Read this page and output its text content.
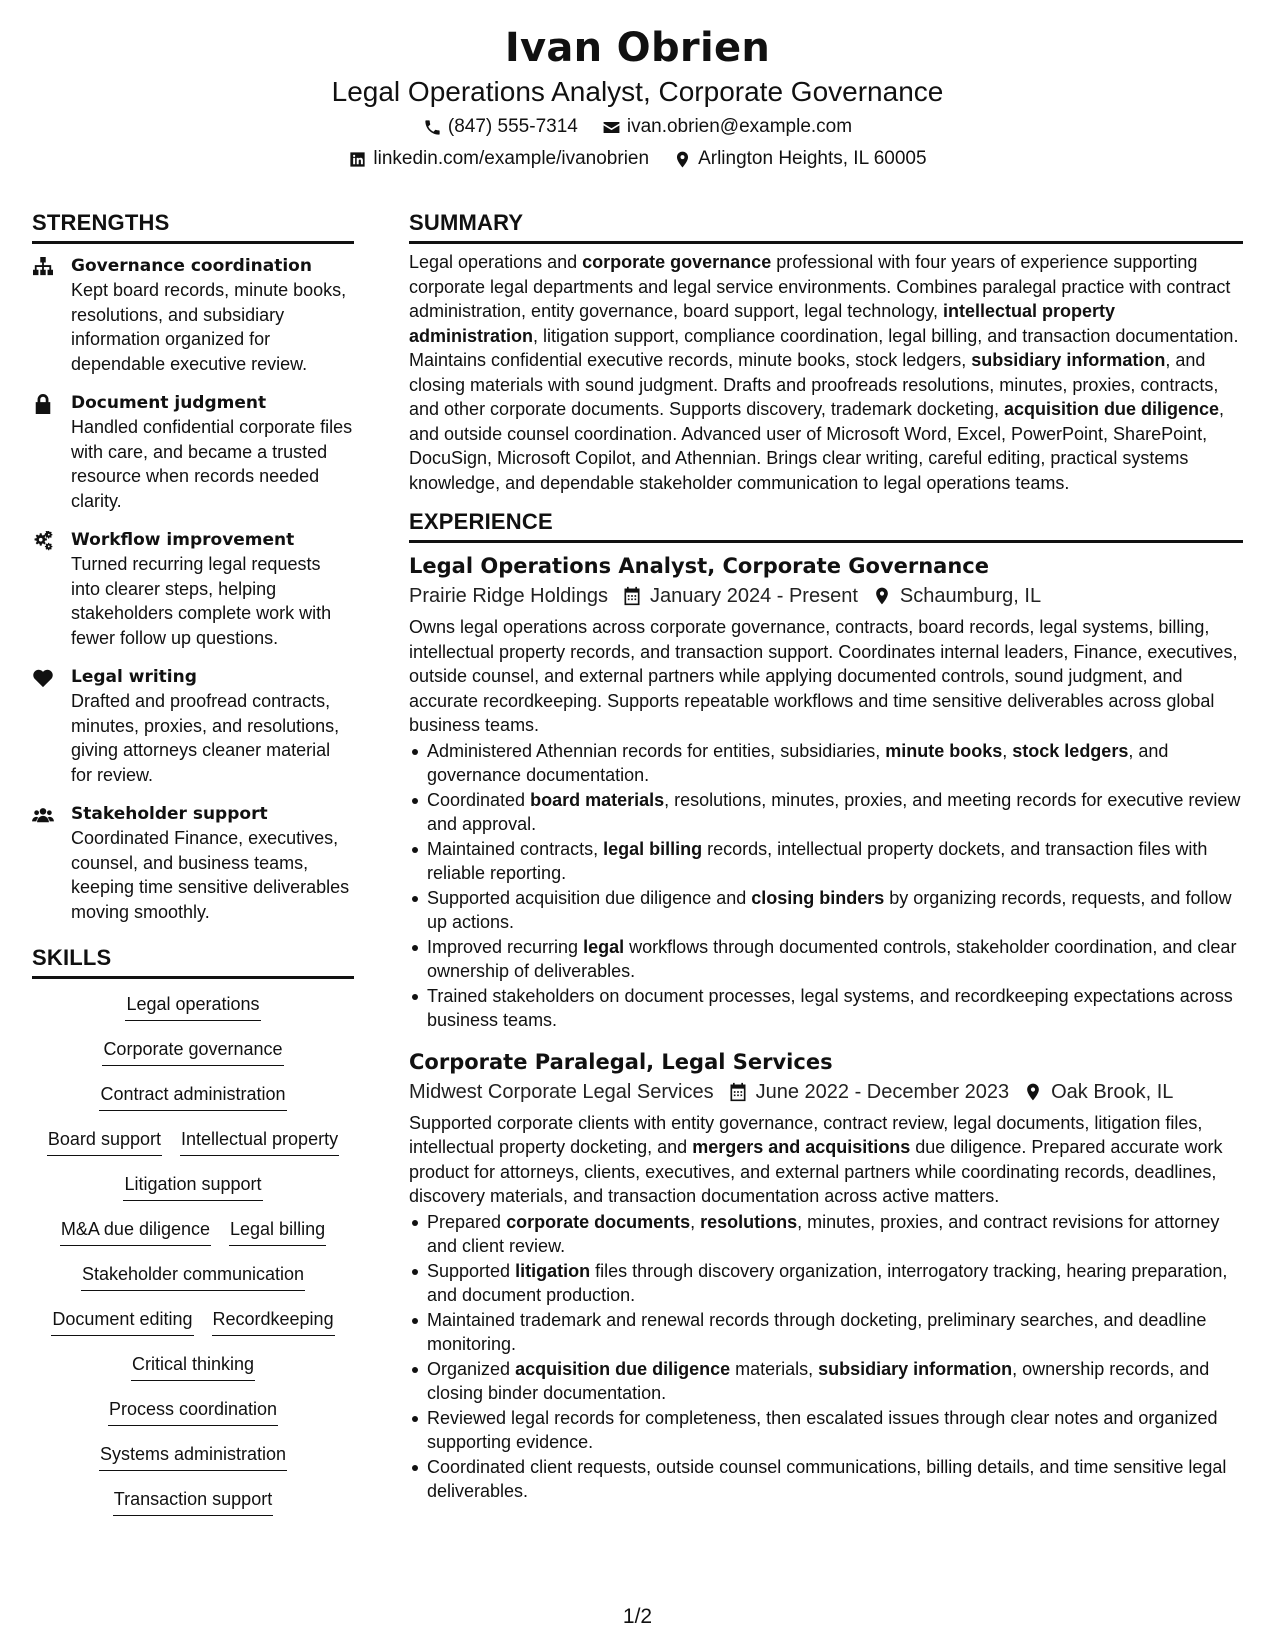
Ivan Obrien
Legal Operations Analyst, Corporate Governance
(847) 555-7314	ivan.obrien@example.com
linkedin.com/example/ivanobrien	Arlington Heights, IL 60005
STRENGTHS
Governance coordination
Kept board records, minute books, resolutions, and subsidiary information organized for dependable executive review.
Document judgment
Handled confidential corporate files with care, and became a trusted resource when records needed clarity.
Workflow improvement
Turned recurring legal requests into clearer steps, helping stakeholders complete work with fewer follow up questions.
Legal writing
Drafted and proofread contracts, minutes, proxies, and resolutions, giving attorneys cleaner material for review.
Stakeholder support
Coordinated Finance, executives, counsel, and business teams, keeping time sensitive deliverables moving smoothly.
SKILLS
Legal operations
Corporate governance
Contract administration
Board support Intellectual property
Litigation support
M&A due diligence Legal billing
Stakeholder communication
Document editing Recordkeeping
Critical thinking
Process coordination
Systems administration
Transaction support
SUMMARY
Legal operations and corporate governance professional with four years of experience supporting corporate legal departments and legal service environments. Combines paralegal practice with contract administration, entity governance, board support, legal technology, intellectual property administration, litigation support, compliance coordination, legal billing, and transaction documentation. Maintains confidential executive records, minute books, stock ledgers, subsidiary information, and closing materials with sound judgment. Drafts and proofreads resolutions, minutes, proxies, contracts, and other corporate documents. Supports discovery, trademark docketing, acquisition due diligence, and outside counsel coordination. Advanced user of Microsoft Word, Excel, PowerPoint, SharePoint, DocuSign, Microsoft Copilot, and Athennian. Brings clear writing, careful editing, practical systems knowledge, and dependable stakeholder communication to legal operations teams.
EXPERIENCE
Legal Operations Analyst, Corporate Governance
Prairie Ridge Holdings January 2024 - Present Schaumburg, IL
Owns legal operations across corporate governance, contracts, board records, legal systems, billing, intellectual property records, and transaction support. Coordinates internal leaders, Finance, executives, outside counsel, and external partners while applying documented controls, sound judgment, and accurate recordkeeping. Supports repeatable workflows and time sensitive deliverables across global business teams.
Administered Athennian records for entities, subsidiaries, minute books, stock ledgers, and governance documentation.
Coordinated board materials, resolutions, minutes, proxies, and meeting records for executive review and approval.
Maintained contracts, legal billing records, intellectual property dockets, and transaction files with reliable reporting.
Supported acquisition due diligence and closing binders by organizing records, requests, and follow up actions.
Improved recurring legal workflows through documented controls, stakeholder coordination, and clear ownership of deliverables.
Trained stakeholders on document processes, legal systems, and recordkeeping expectations across business teams.
Corporate Paralegal, Legal Services
Midwest Corporate Legal Services June 2022 - December 2023 Oak Brook, IL
Supported corporate clients with entity governance, contract review, legal documents, litigation files, intellectual property docketing, and mergers and acquisitions due diligence. Prepared accurate work product for attorneys, clients, executives, and external partners while coordinating records, deadlines, discovery materials, and transaction documentation across active matters.
Prepared corporate documents, resolutions, minutes, proxies, and contract revisions for attorney and client review.
Supported litigation files through discovery organization, interrogatory tracking, hearing preparation, and document production.
Maintained trademark and renewal records through docketing, preliminary searches, and deadline monitoring.
Organized acquisition due diligence materials, subsidiary information, ownership records, and closing binder documentation.
Reviewed legal records for completeness, then escalated issues through clear notes and organized supporting evidence.
Coordinated client requests, outside counsel communications, billing details, and time sensitive legal deliverables.
1/2
